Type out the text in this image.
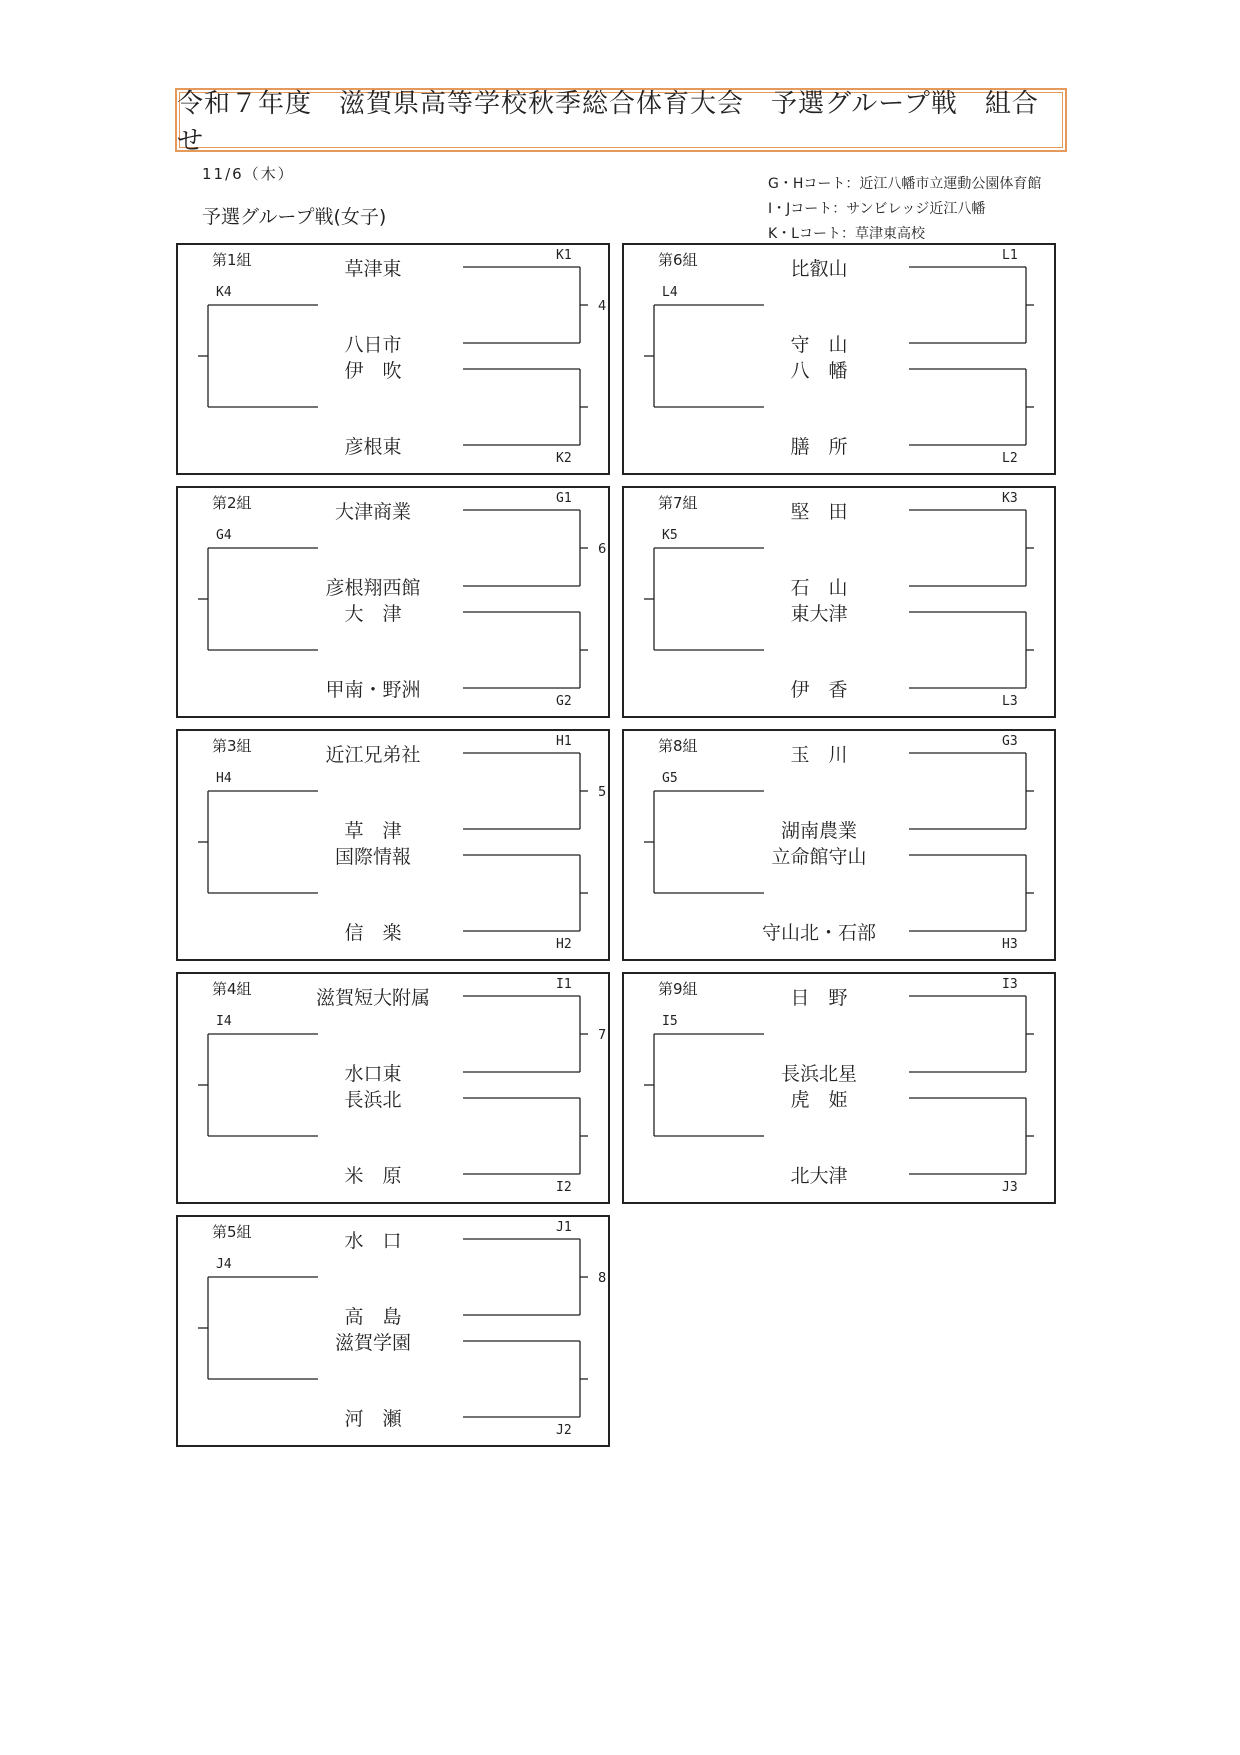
令和７年度　滋賀県高等学校秋季総合体育大会　予選グループ戦　組合せ
11/6（木）
予選グループ戦(女子)
G・Hコート：近江八幡市立運動公園体育館
I・Jコート：サンビレッジ近江八幡
K・Lコート：草津東高校
第1組	草津東
八日市
伊　吹
彦根東
K1
K2
K4
4
第2組	大津商業
彦根翔西館
大　津
甲南・野洲
G1
G2
G4
6
第3組	近江兄弟社
草　津
国際情報
信　楽
H1
H2
H4
5
第4組	滋賀短大附属
水口東
長浜北
米　原
I1
I2
I4
7
第5組	水　口
高　島
滋賀学園
河　瀬
J1
J2
J4
8
第6組	比叡山
守　山
八　幡
膳　所
L1
L2
L4
第7組	堅　田
石　山
東大津
伊　香
K3
L3
K5
第8組	玉　川
湖南農業
立命館守山
守山北・石部
G3
H3
G5
第9組	日　野
長浜北星
虎　姫
北大津
I3
J3
I5
